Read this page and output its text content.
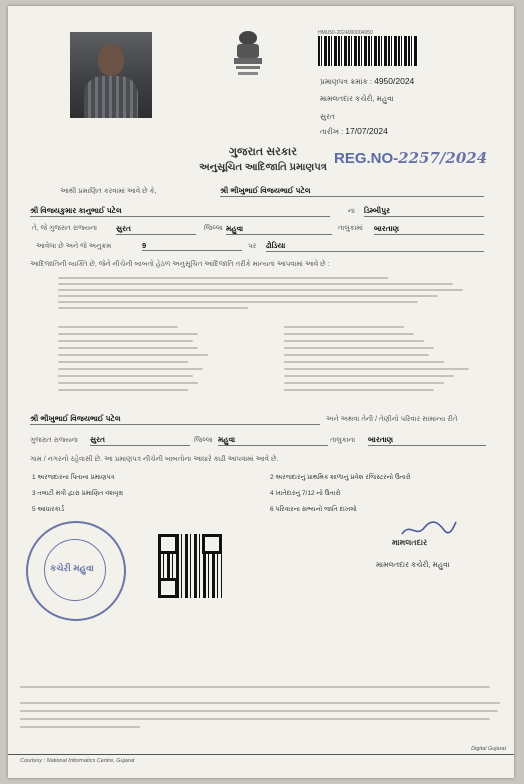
HMU50-2024000004950
પ્રમાણપત્ર ક્રમાંક : 4950/2024
મામલતદાર કચેરી, મહુવા
સુરત
તારીખ : 17/07/2024
ગુજરાત સરકાર
અનુસૂચિત આદિજાતિ પ્રમાણપત્ર
REG.NO-2257/2024
આથી પ્રમાણિત કરવામાં આવે છે કે,	શ્રી ભીખુભાઈ વિજયભાઈ પટેલ
શ્રી વિજયકુમાર કાનુભાઈ પટેલ	ના ડિમ્બીપુર
તે, જે ગુજરાત રાજ્યના	સુરત	જિલ્લા મહુવા	તાલુકામાં બારતાણ
આવેલા છે અને જે અનુક્રમ	9	પર ઢોડિયા
આદિજાતિની વ્યક્તિ છે, જેને નીચેની બાબતો હેઠળ અનુસૂચિત આદિજાતિ તરીકે માન્યતા આપવામાં આવે છે :
શ્રી ભીખુભાઈ વિજયભાઈ પટેલ	અને અથવા તેની / તેણીનો પરિવાર સામાન્ય રીતે
ગુજરાત રાજ્યના સુરત	જિલ્લા મહુવા	તાલુકાના બારતાણ
ગામ / નગરનો રહેવાસી છે. આ પ્રમાણપત્ર નીચેની બાબતોના આધારે કાઢી આપવામાં આવે છે.
1 અરજદારના પિતાના પ્રમાણપત્ર	2 અરજદારનું પ્રાથમિક શાળાનું પ્રવેશ રજિસ્ટરનો ઉતારો
3 તલાટી મંત્રી દ્વારા પ્રમાણિત વંશવૃક્ષ	4 ખાતેદારનું 7/12 નો ઉતારો
5 આધારકાર્ડ	6 પરિવારના સભ્યનો જાતિ દાખલો
કચેરી મહુવા
મામલતદાર
મામલતદાર કચેરી, મહુવા
Courtesy : National Informatics Centre, Gujarat
Digital Gujarat
